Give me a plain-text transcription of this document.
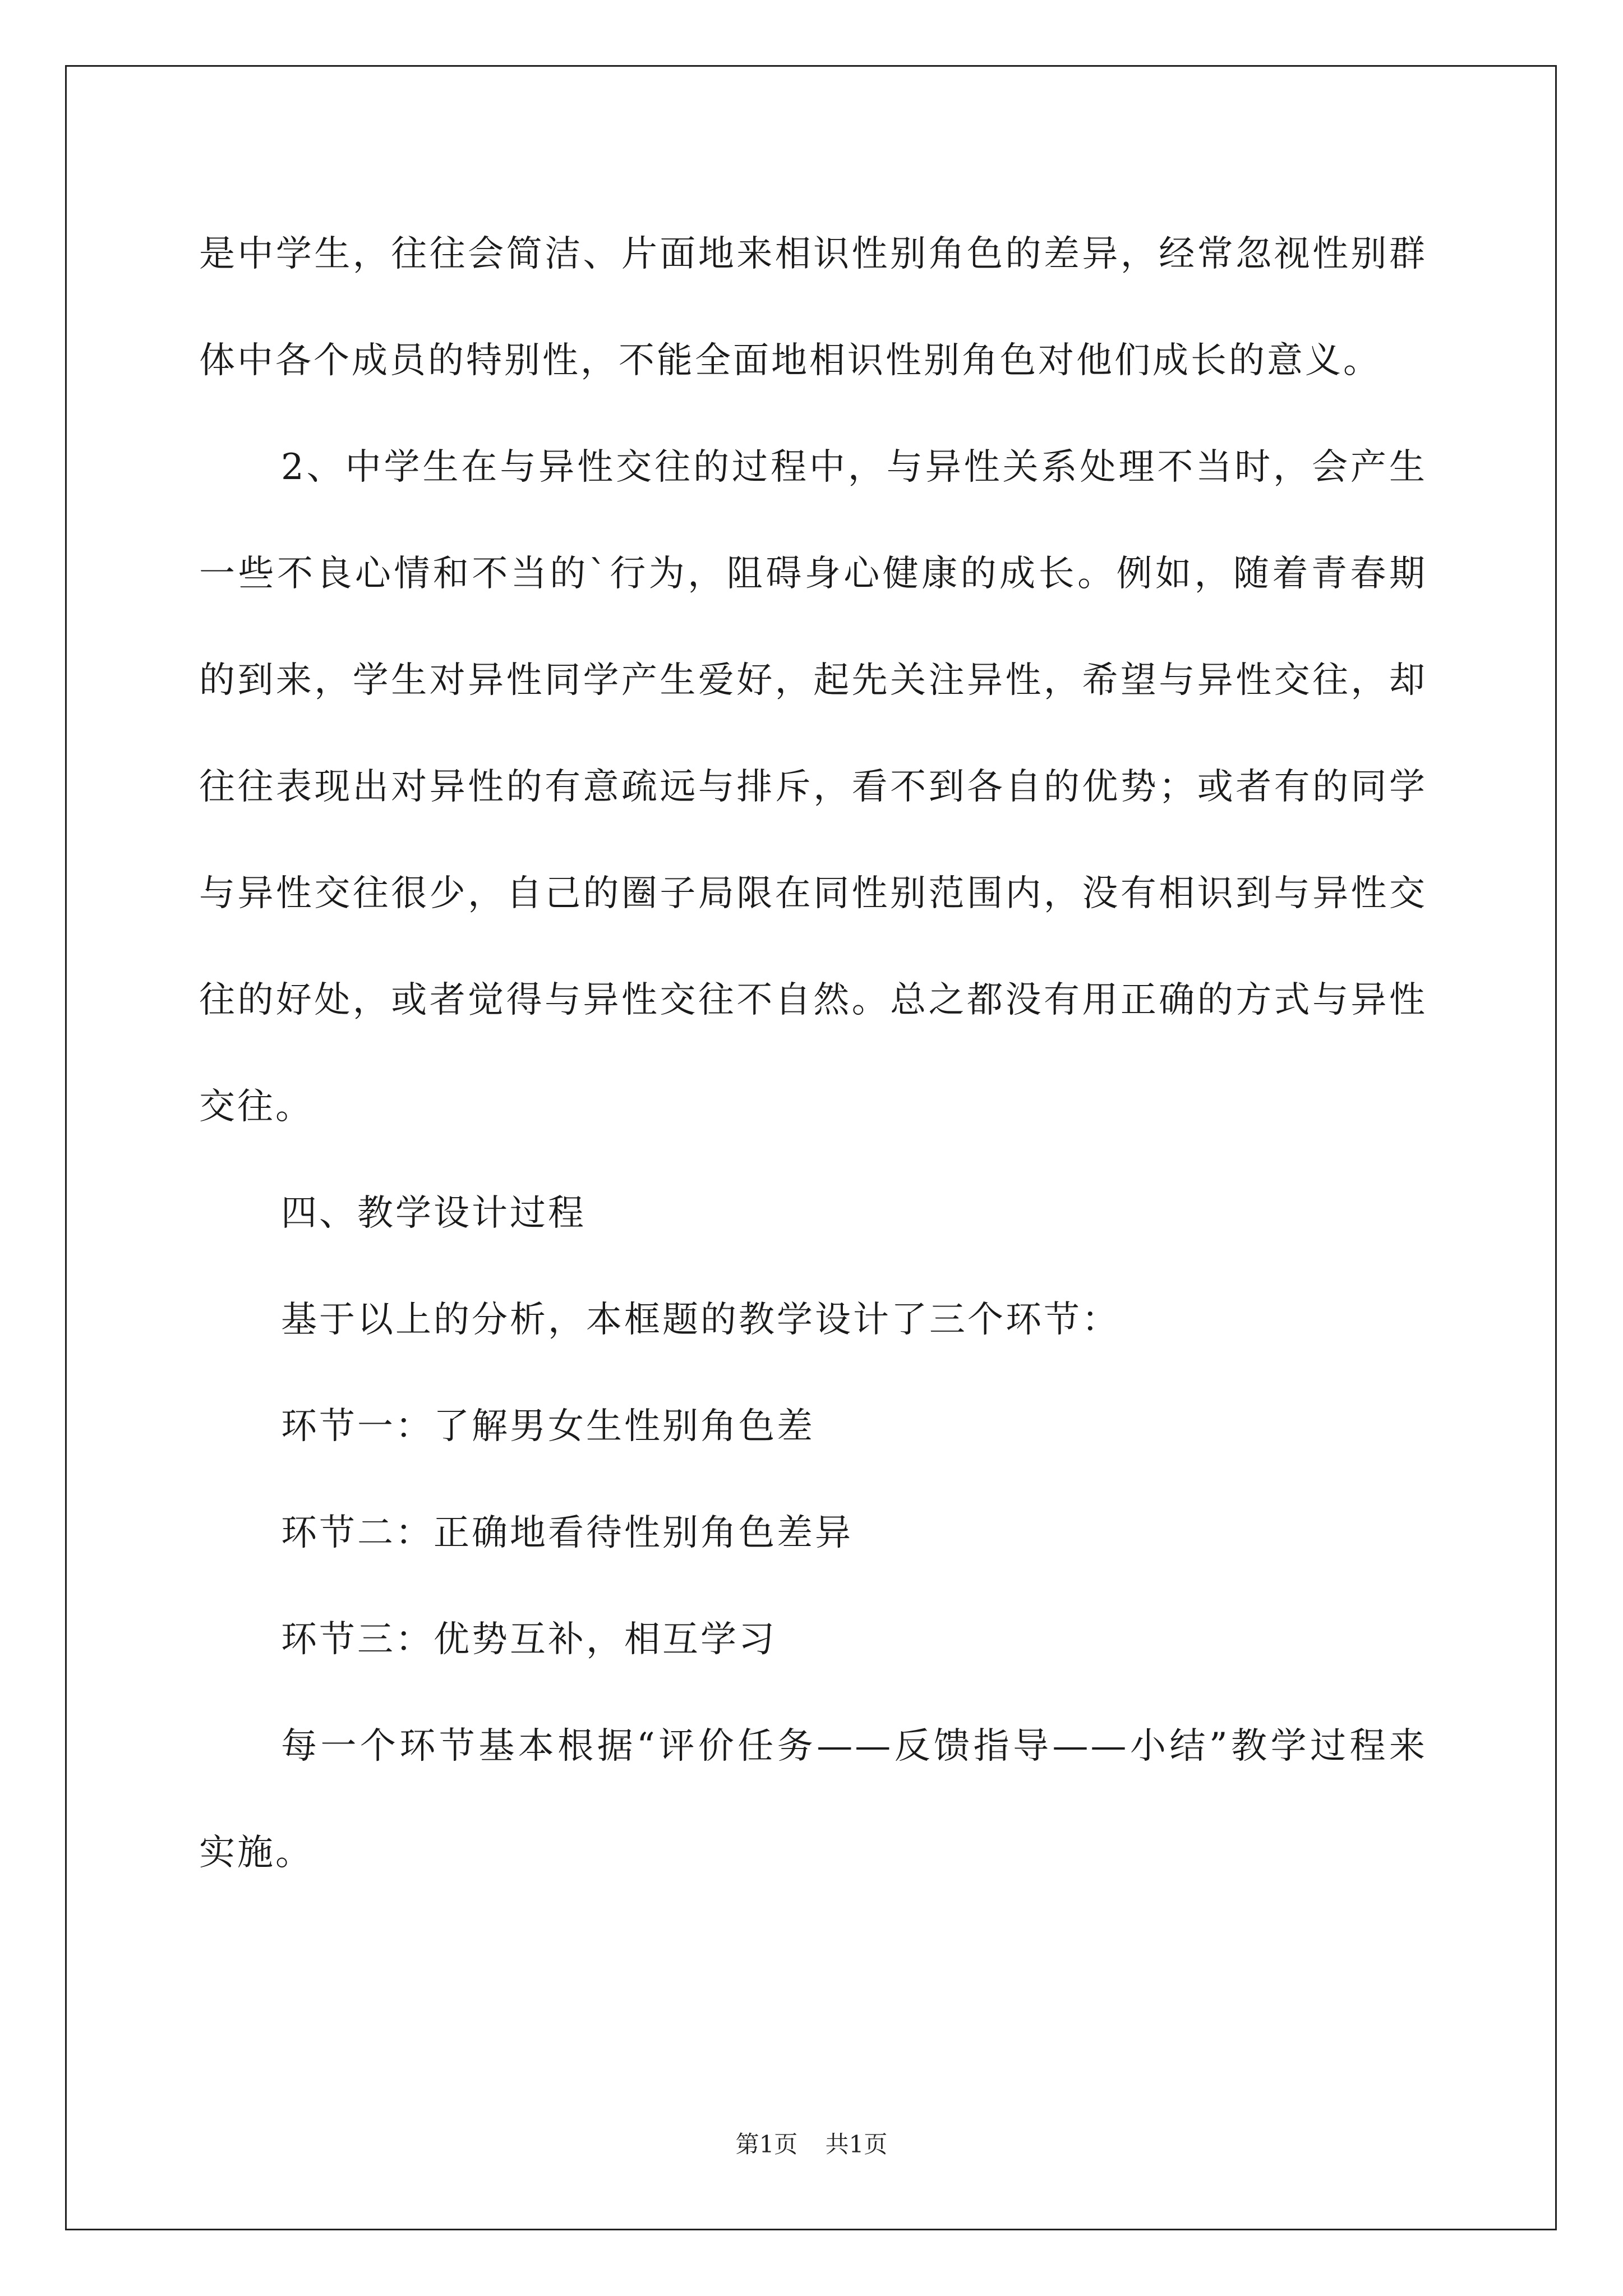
是中学生，往往会简洁、片面地来相识性别角色的差异，经常忽视性别群体中各个成员的特别性，不能全面地相识性别角色对他们成长的意义。

2、中学生在与异性交往的过程中，与异性关系处理不当时，会产生一些不良心情和不当的`行为，阻碍身心健康的成长。例如，随着青春期的到来，学生对异性同学产生爱好，起先关注异性，希望与异性交往，却往往表现出对异性的有意疏远与排斥，看不到各自的优势；或者有的同学与异性交往很少，自己的圈子局限在同性别范围内，没有相识到与异性交往的好处，或者觉得与异性交往不自然。总之都没有用正确的方式与异性交往。

四、教学设计过程

基于以上的分析，本框题的教学设计了三个环节：

环节一：了解男女生性别角色差

环节二：正确地看待性别角色差异

环节三：优势互补，相互学习

每一个环节基本根据“评价任务——反馈指导——小结”教学过程来实施。

第1页 共1页
